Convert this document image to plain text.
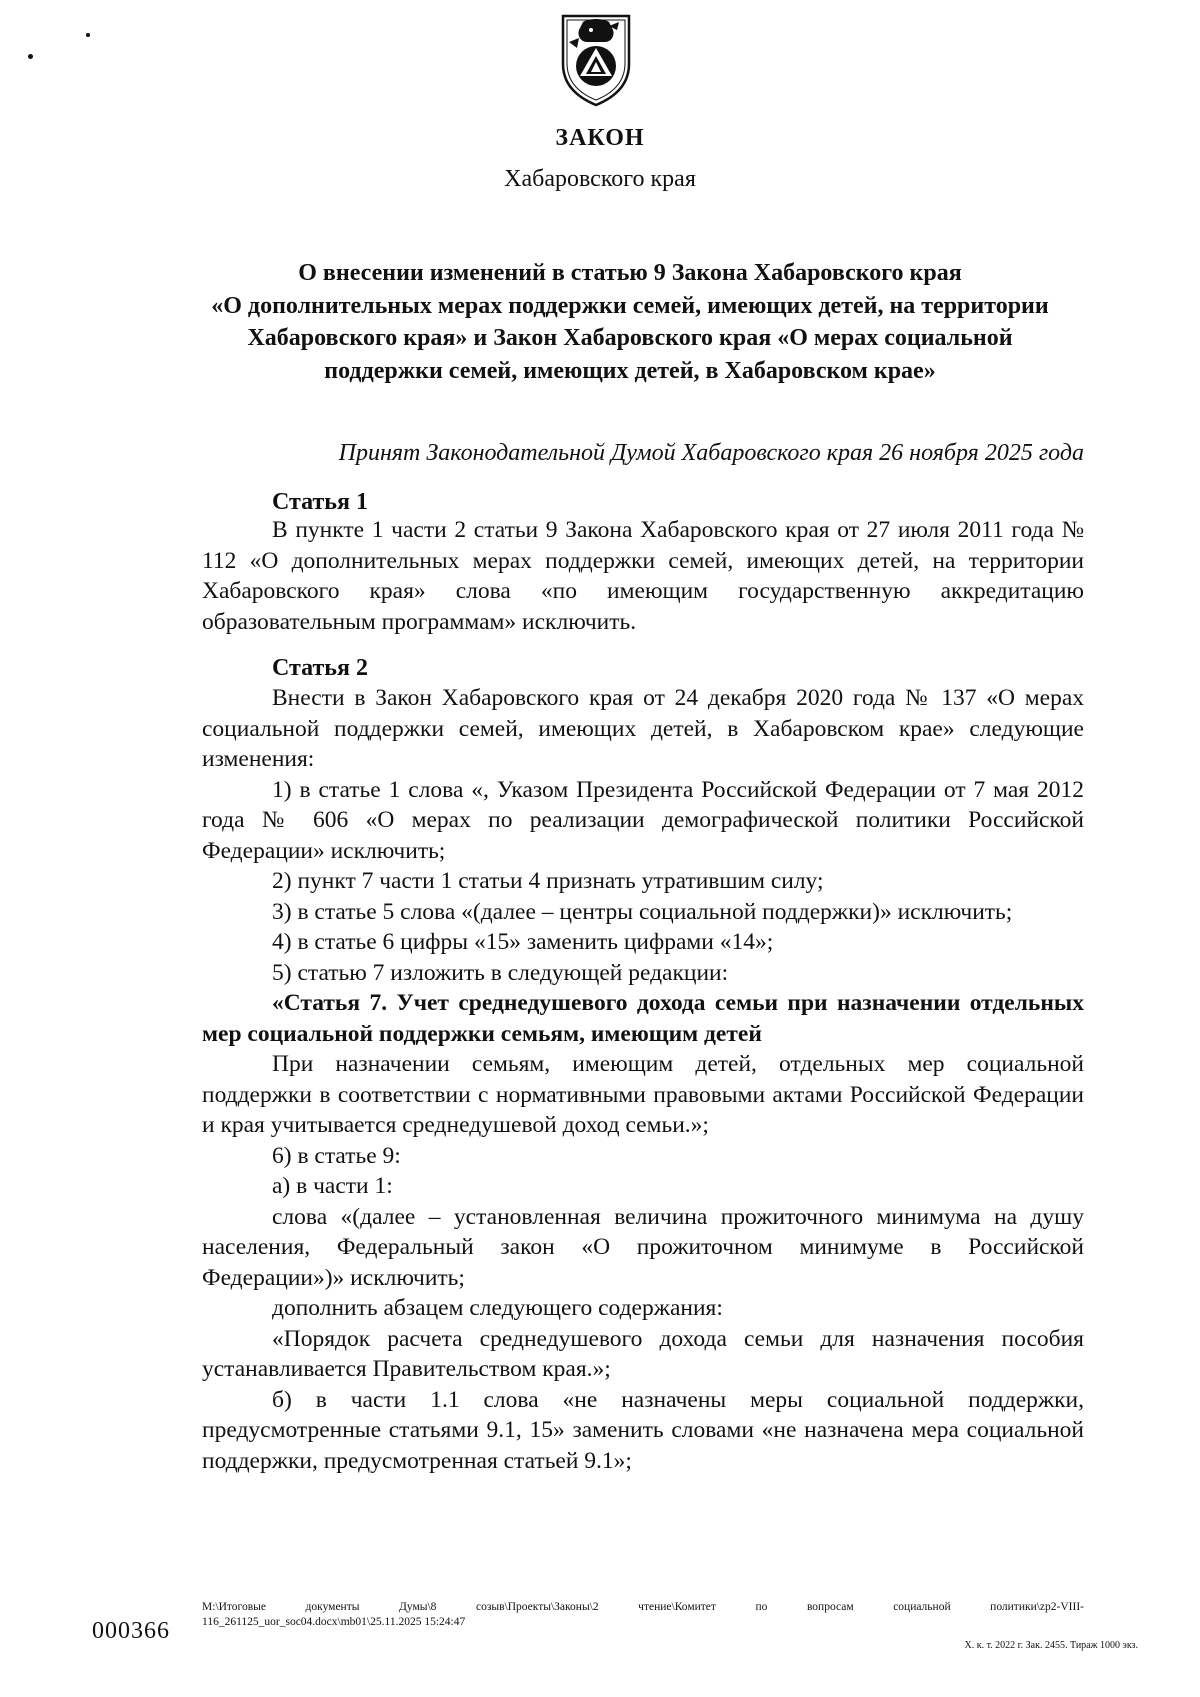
ЗАКОН
Хабаровского края
О внесении изменений в статью 9 Закона Хабаровского края
«О дополнительных мерах поддержки семей, имеющих детей, на территории
Хабаровского края» и Закон Хабаровского края «О мерах социальной
поддержки семей, имеющих детей, в Хабаровском крае»
Принят Законодательной Думой Хабаровского края 26 ноября 2025 года
Статья 1

В пункте 1 части 2 статьи 9 Закона Хабаровского края от 27 июля 2011 года № 112 «О дополнительных мерах поддержки семей, имеющих детей, на территории Хабаровского края» слова «по имеющим государственную аккредитацию образовательным программам» исключить.

Статья 2

Внести в Закон Хабаровского края от 24 декабря 2020 года № 137 «О мерах социальной поддержки семей, имеющих детей, в Хабаровском крае» следующие изменения:

1) в статье 1 слова «, Указом Президента Российской Федерации от 7 мая 2012 года № 606 «О мерах по реализации демографической политики Российской Федерации» исключить;

2) пункт 7 части 1 статьи 4 признать утратившим силу;

3) в статье 5 слова «(далее – центры социальной поддержки)» исключить;

4) в статье 6 цифры «15» заменить цифрами «14»;

5) статью 7 изложить в следующей редакции:

«Статья 7. Учет среднедушевого дохода семьи при назначении отдельных мер социальной поддержки семьям, имеющим детей

При назначении семьям, имеющим детей, отдельных мер социальной поддержки в соответствии с нормативными правовыми актами Российской Федерации и края учитывается среднедушевой доход семьи.»;

6) в статье 9:

а) в части 1:

слова «(далее – установленная величина прожиточного минимума на душу населения, Федеральный закон «О прожиточном минимуме в Российской Федерации»)» исключить;

дополнить абзацем следующего содержания:

«Порядок расчета среднедушевого дохода семьи для назначения пособия устанавливается Правительством края.»;

б) в части 1.1 слова «не назначены меры социальной поддержки, предусмотренные статьями 9.1, 15» заменить словами «не назначена мера социальной поддержки, предусмотренная статьей 9.1»;

000366
M:\Итоговые документы Думы\8 созыв\Проекты\Законы\2 чтение\Комитет по вопросам социальной политики\zp2-VIII-
116_261125_uor_soc04.docx\mb01\25.11.2025 15:24:47
Х. к. т. 2022 г. Зак. 2455. Тираж 1000 экз.
